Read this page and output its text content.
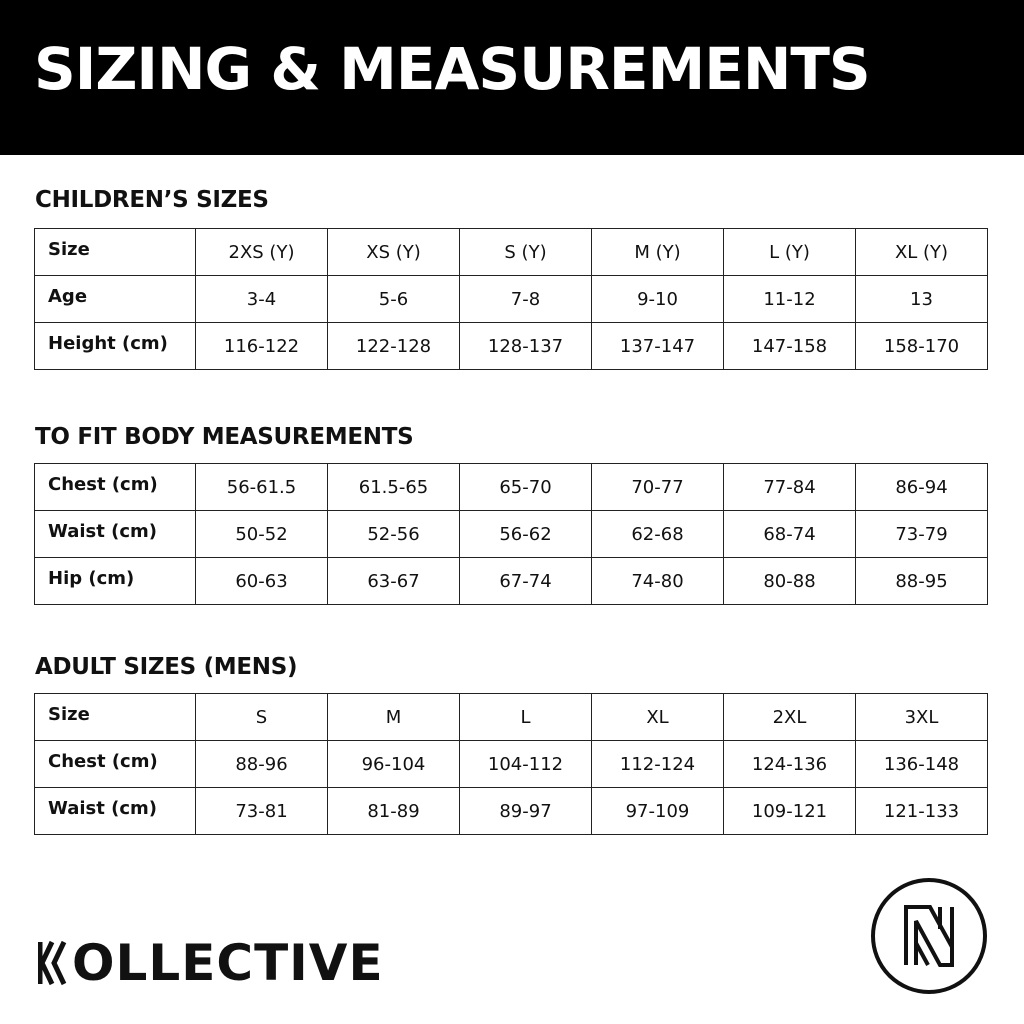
SIZING & MEASUREMENTS
CHILDREN’S SIZES
Size	2XS (Y)	XS (Y)	S (Y)	M (Y)	L (Y)	XL (Y)
Age	3-4	5-6	7-8	9-10	11-12	13
Height (cm)	116-122	122-128	128-137	137-147	147-158	158-170
TO FIT BODY MEASUREMENTS
Chest (cm)	56-61.5	61.5-65	65-70	70-77	77-84	86-94
Waist (cm)	50-52	52-56	56-62	62-68	68-74	73-79
Hip (cm)	60-63	63-67	67-74	74-80	80-88	88-95
ADULT SIZES (MENS)
Size	S	M	L	XL	2XL	3XL
Chest (cm)	88-96	96-104	104-112	112-124	124-136	136-148
Waist (cm)	73-81	81-89	89-97	97-109	109-121	121-133
OLLECTIVE
